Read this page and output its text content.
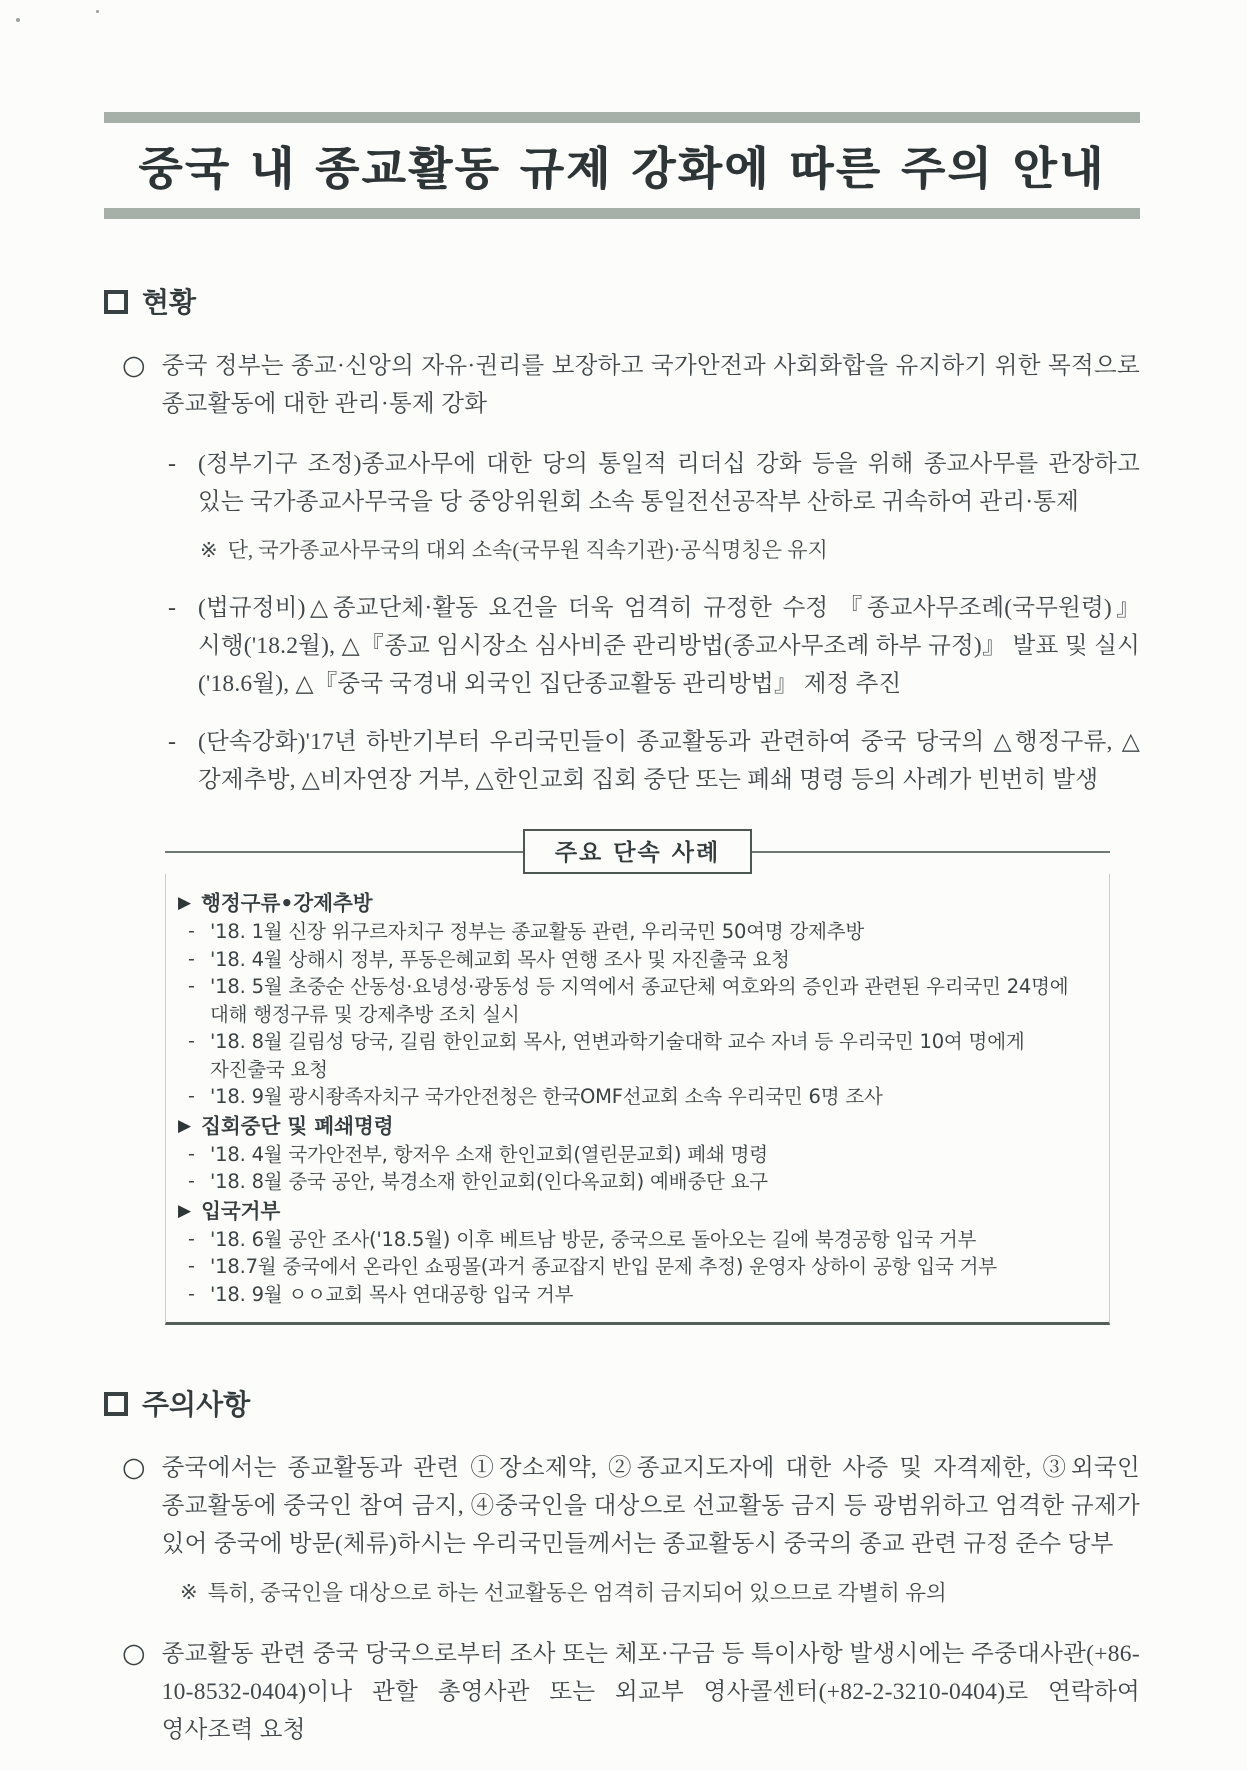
중국 내 종교활동 규제 강화에 따른 주의 안내
현황
○ 중국 정부는 종교·신앙의 자유·권리를 보장하고 국가안전과 사회화합을 유지하기 위한 목적으로 종교활동에 대한 관리·통제 강화
- (정부기구 조정)종교사무에 대한 당의 통일적 리더십 강화 등을 위해 종교사무를 관장하고 있는 국가종교사무국을 당 중앙위원회 소속 통일전선공작부 산하로 귀속하여 관리·통제
※ 단, 국가종교사무국의 대외 소속(국무원 직속기관)·공식명칭은 유지
- (법규정비)△종교단체·활동 요건을 더욱 엄격히 규정한 수정 『종교사무조례(국무원령)』 시행('18.2월), △『종교 임시장소 심사비준 관리방법(종교사무조례 하부 규정)』 발표 및 실시('18.6월), △『중국 국경내 외국인 집단종교활동 관리방법』 제정 추진
- (단속강화)'17년 하반기부터 우리국민들이 종교활동과 관련하여 중국 당국의 △행정구류, △강제추방, △비자연장 거부, △한인교회 집회 중단 또는 폐쇄 명령 등의 사례가 빈번히 발생
주요 단속 사례
▶ 행정구류•강제추방
- '18. 1월 신장 위구르자치구 정부는 종교활동 관련, 우리국민 50여명 강제추방
- '18. 4월 상해시 정부, 푸동은혜교회 목사 연행 조사 및 자진출국 요청
- '18. 5월 초중순 산동성·요녕성·광동성 등 지역에서 종교단체 여호와의 증인과 관련된 우리국민 24명에 대해 행정구류 및 강제추방 조치 실시
- '18. 8월 길림성 당국, 길림 한인교회 목사, 연변과학기술대학 교수 자녀 등 우리국민 10여 명에게 자진출국 요청
- '18. 9월 광시좡족자치구 국가안전청은 한국OMF선교회 소속 우리국민 6명 조사
▶ 집회중단 및 폐쇄명령
- '18. 4월 국가안전부, 항저우 소재 한인교회(열린문교회) 폐쇄 명령
- '18. 8월 중국 공안, 북경소재 한인교회(인다옥교회) 예배중단 요구
▶ 입국거부
- '18. 6월 공안 조사('18.5월) 이후 베트남 방문, 중국으로 돌아오는 길에 북경공항 입국 거부
- '18.7월 중국에서 온라인 쇼핑몰(과거 종교잡지 반입 문제 추정) 운영자 상하이 공항 입국 거부
- '18. 9월 ㅇㅇ교회 목사 연대공항 입국 거부
주의사항
○ 중국에서는 종교활동과 관련 ①장소제약, ②종교지도자에 대한 사증 및 자격제한, ③외국인 종교활동에 중국인 참여 금지, ④중국인을 대상으로 선교활동 금지 등 광범위하고 엄격한 규제가 있어 중국에 방문(체류)하시는 우리국민들께서는 종교활동시 중국의 종교 관련 규정 준수 당부
※ 특히, 중국인을 대상으로 하는 선교활동은 엄격히 금지되어 있으므로 각별히 유의
○ 종교활동 관련 중국 당국으로부터 조사 또는 체포·구금 등 특이사항 발생시에는 주중대사관(+86-10-8532-0404)이나 관할 총영사관 또는 외교부 영사콜센터(+82-2-3210-0404)로 연락하여 영사조력 요청
